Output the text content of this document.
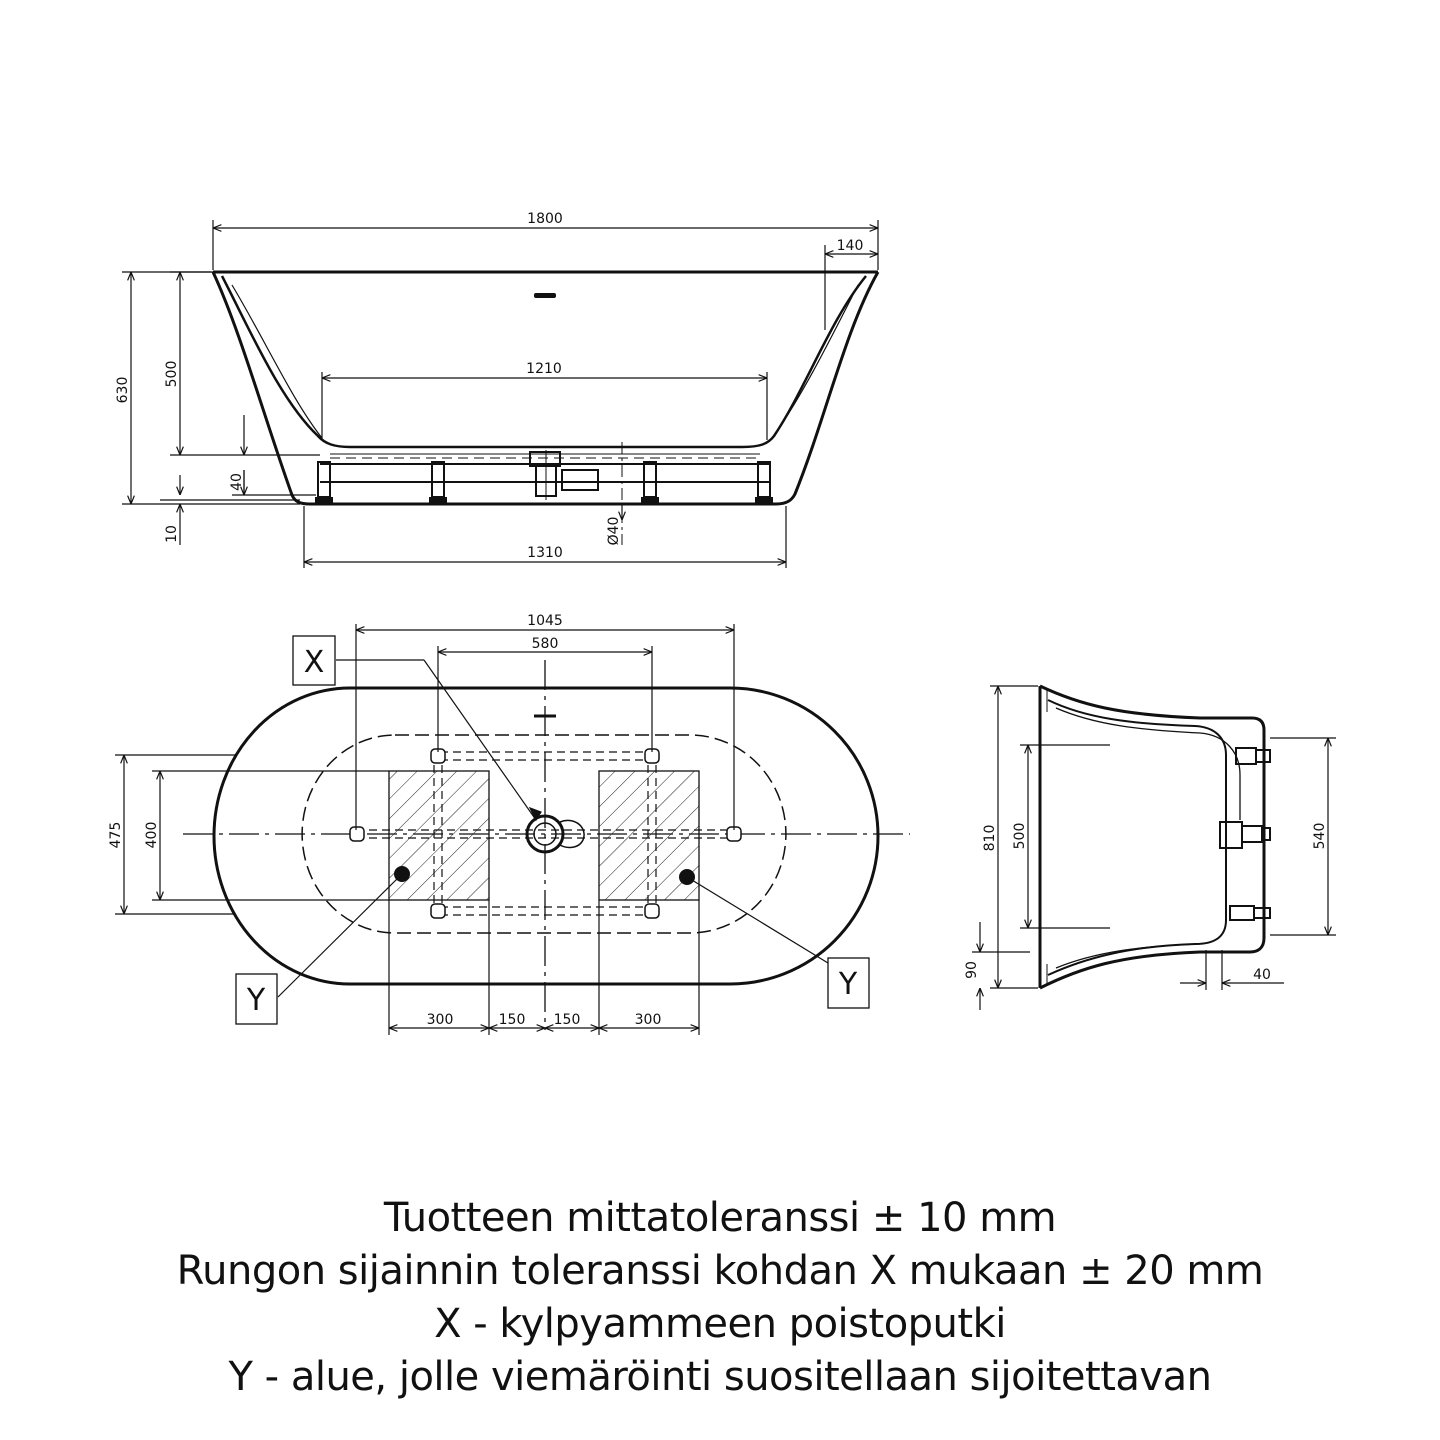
1800
140
1210
630
500
40
10
1310
Ø40
X
Y	Y
1045
580
475 400
300	150 150	300
810 500	540
90	40
Tuotteen mittatoleranssi ± 10 mm
Rungon sijainnin toleranssi kohdan X mukaan ± 20 mm
X - kylpyammeen poistoputki
Y - alue, jolle viemäröinti suositellaan sijoitettavan
